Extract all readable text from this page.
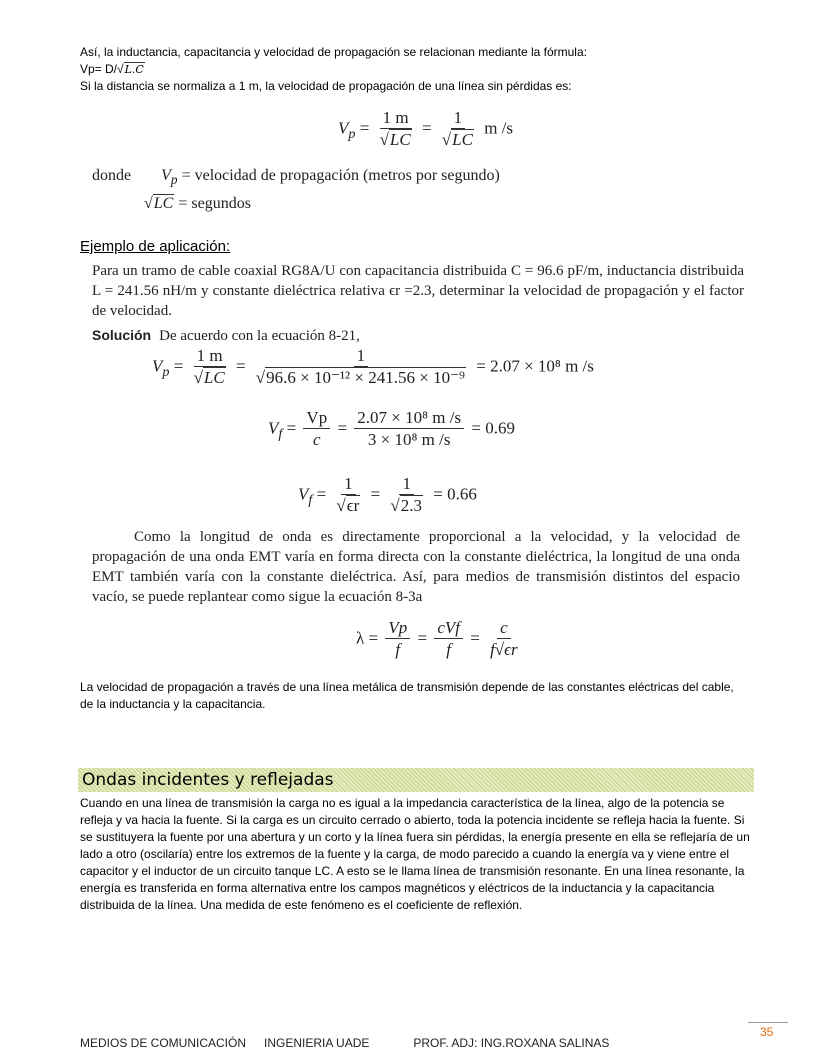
Así, la inductancia, capacitancia y velocidad de propagación se relacionan mediante la fórmula:
Vp= D/√L.C
Si la distancia se normaliza a 1 m, la velocidad de propagación de una línea sin pérdidas es:
$V_p = \frac{1 m}{√LC} = \frac{1}{√LC}$ m /s
donde $V_p$ = velocidad de propagación (metros por segundo)
√LC = segundos
Ejemplo de aplicación:

Para un tramo de cable coaxial RG8A/U con capacitancia distribuida C = 96.6 pF/m, inductancia distribuida L = 241.56 nH/m y constante dieléctrica relativa ϵr =2.3, determinar la velocidad de propagación y el factor de velocidad.

Solución De acuerdo con la ecuación 8-21,

$V_p = \frac{1 m}{√LC} = \frac{1}{\text{√96.6 × 10⁻¹² × 241.56 × 10⁻⁹}} = 2.07 \times 10^8$ m /s
$V_f = \frac{Vp}{c} = \frac{\text{2.07 × 10⁸ m /s}}{\text{3 × 10⁸ m /s}} = 0.69$
$V_f = \frac{1}{√\epsilon r} = \frac{1}{√2.3} = 0.66$

Como la longitud de onda es directamente proporcional a la velocidad, y la velocidad de propagación de una onda EMT varía en forma directa con la constante dieléctrica, la longitud de una onda EMT también varía con la constante dieléctrica. Así, para medios de transmisión distintos del espacio vacío, se puede replantear como sigue la ecuación 8-3a

$\lambda = \frac{Vp}{f} = \frac{\text{cVf}}{f} = \frac{c}{f√\epsilon r}$
La velocidad de propagación a través de una línea metálica de transmisión depende de las constantes eléctricas del cable, de la inductancia y la capacitancia.
Ondas incidentes y reflejadas
Cuando en una línea de transmisión la carga no es igual a la impedancia característica de la línea, algo de la potencia se refleja y va hacia la fuente. Si la carga es un circuito cerrado o abierto, toda la potencia incidente se refleja hacia la fuente. Si se sustituyera la fuente por una abertura y un corto y la línea fuera sin pérdidas, la energía presente en ella se reflejaría de un lado a otro (oscilaría) entre los extremos de la fuente y la carga, de modo parecido a cuando la energía va y viene entre el capacitor y el inductor de un circuito tanque LC. A esto se le llama línea de transmisión resonante. En una línea resonante, la energía es transferida en forma alternativa entre los campos magnéticos y eléctricos de la inductancia y la capacitancia distribuida de la línea. Una medida de este fenómeno es el coeficiente de reflexión.
35
MEDIOS DE COMUNICACIÓN INGENIERIA UADE	PROF. ADJ: ING.ROXANA SALINAS
